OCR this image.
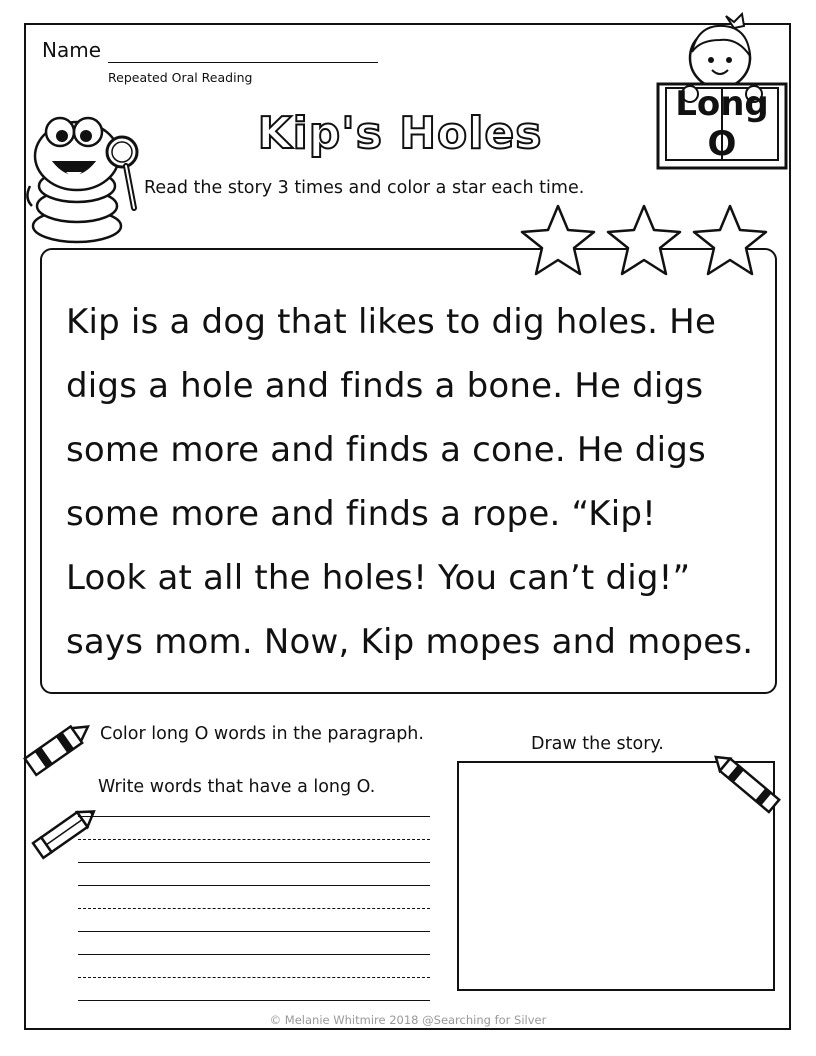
Name
Repeated Oral Reading
Kip's Holes
Long
O
Read the story 3 times and color a star each time.
Kip is a dog that likes to dig holes. He
digs a hole and finds a bone. He digs
some more and finds a cone. He digs
some more and finds a rope. “Kip!
Look at all the holes! You can’t dig!”
says mom. Now, Kip mopes and mopes.
Color long O words in the paragraph.
Write words that have a long O.
Draw the story.
© Melanie Whitmire 2018 @Searching for Silver
